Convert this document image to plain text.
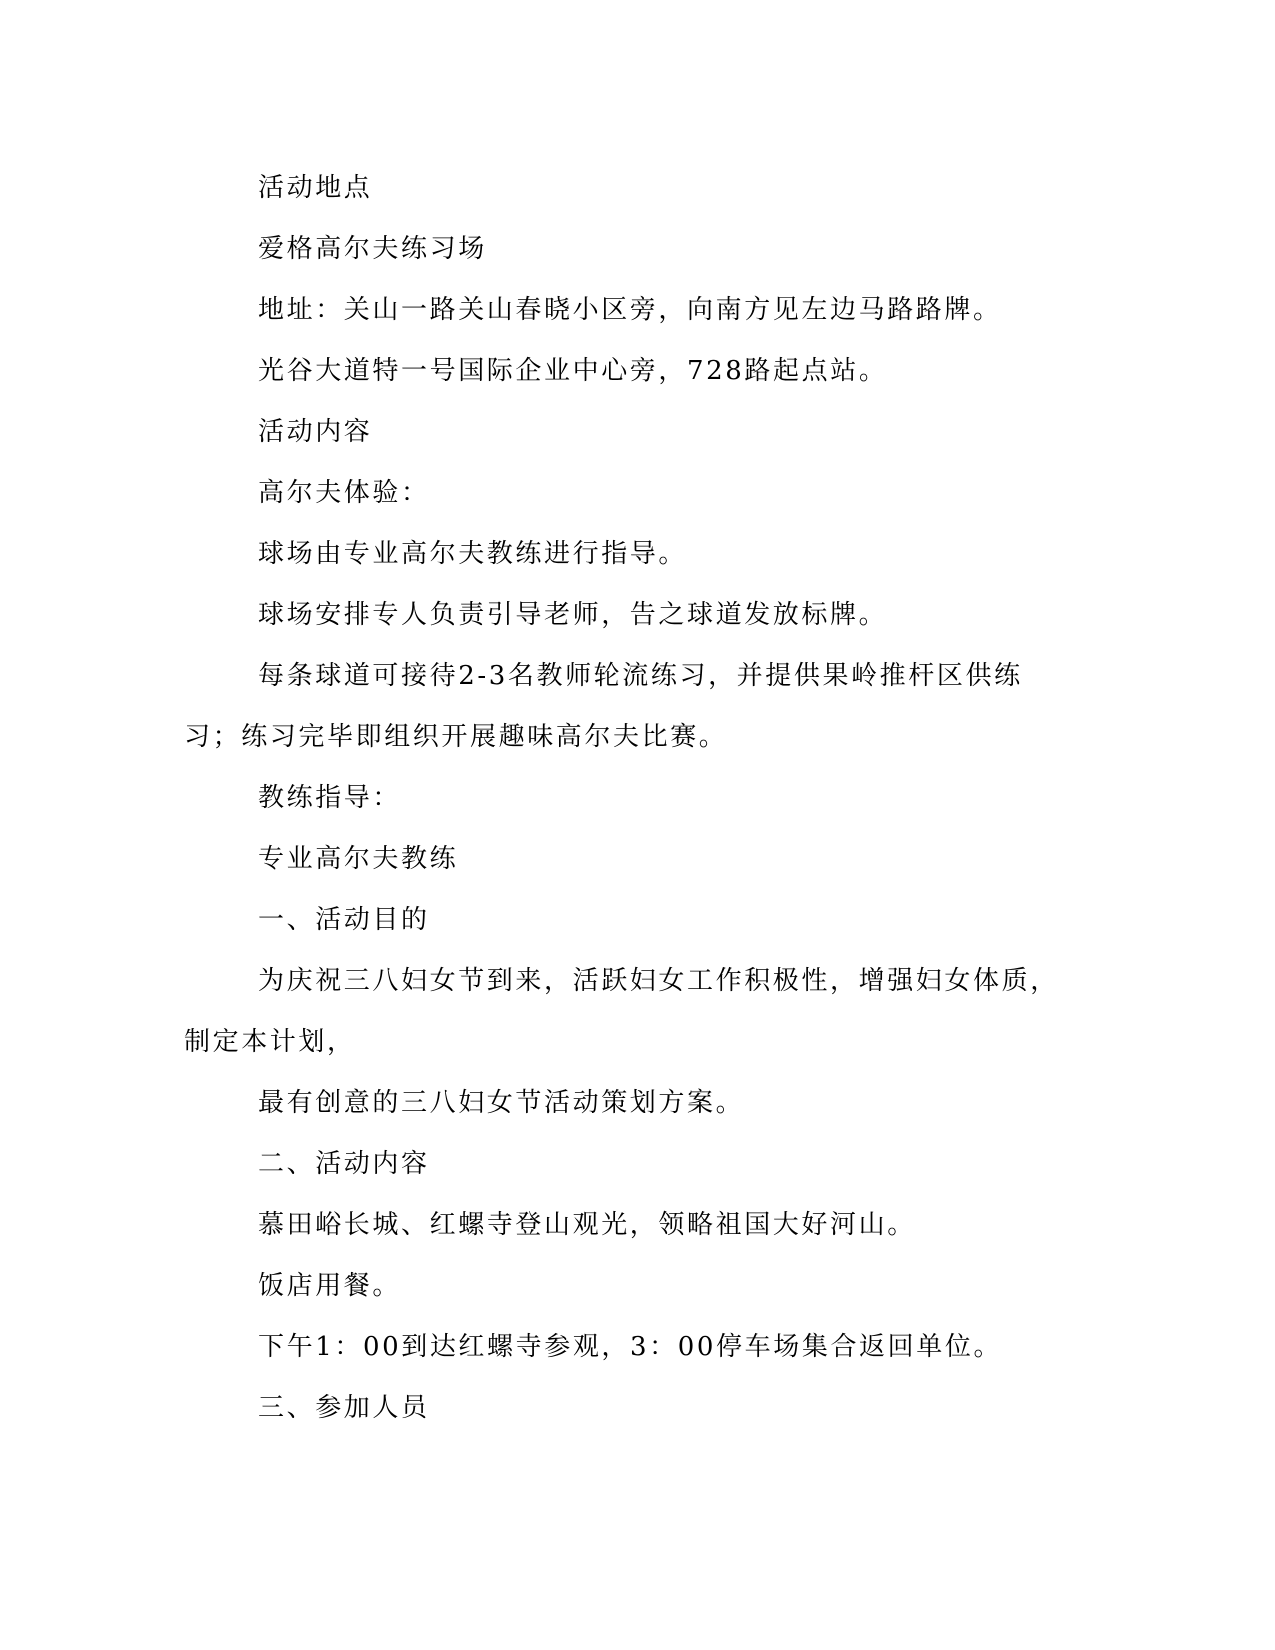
活动地点

爱格高尔夫练习场

地址：关山一路关山春晓小区旁，向南方见左边马路路牌。

光谷大道特一号国际企业中心旁，728路起点站。

活动内容

高尔夫体验：

球场由专业高尔夫教练进行指导。

球场安排专人负责引导老师，告之球道发放标牌。

每条球道可接待2-3名教师轮流练习，并提供果岭推杆区供练习；练习完毕即组织开展趣味高尔夫比赛。

教练指导：

专业高尔夫教练

一、活动目的

为庆祝三八妇女节到来，活跃妇女工作积极性，增强妇女体质，制定本计划，

最有创意的三八妇女节活动策划方案。

二、活动内容

慕田峪长城、红螺寺登山观光，领略祖国大好河山。

饭店用餐。

下午1：00到达红螺寺参观，3：00停车场集合返回单位。

三、参加人员
